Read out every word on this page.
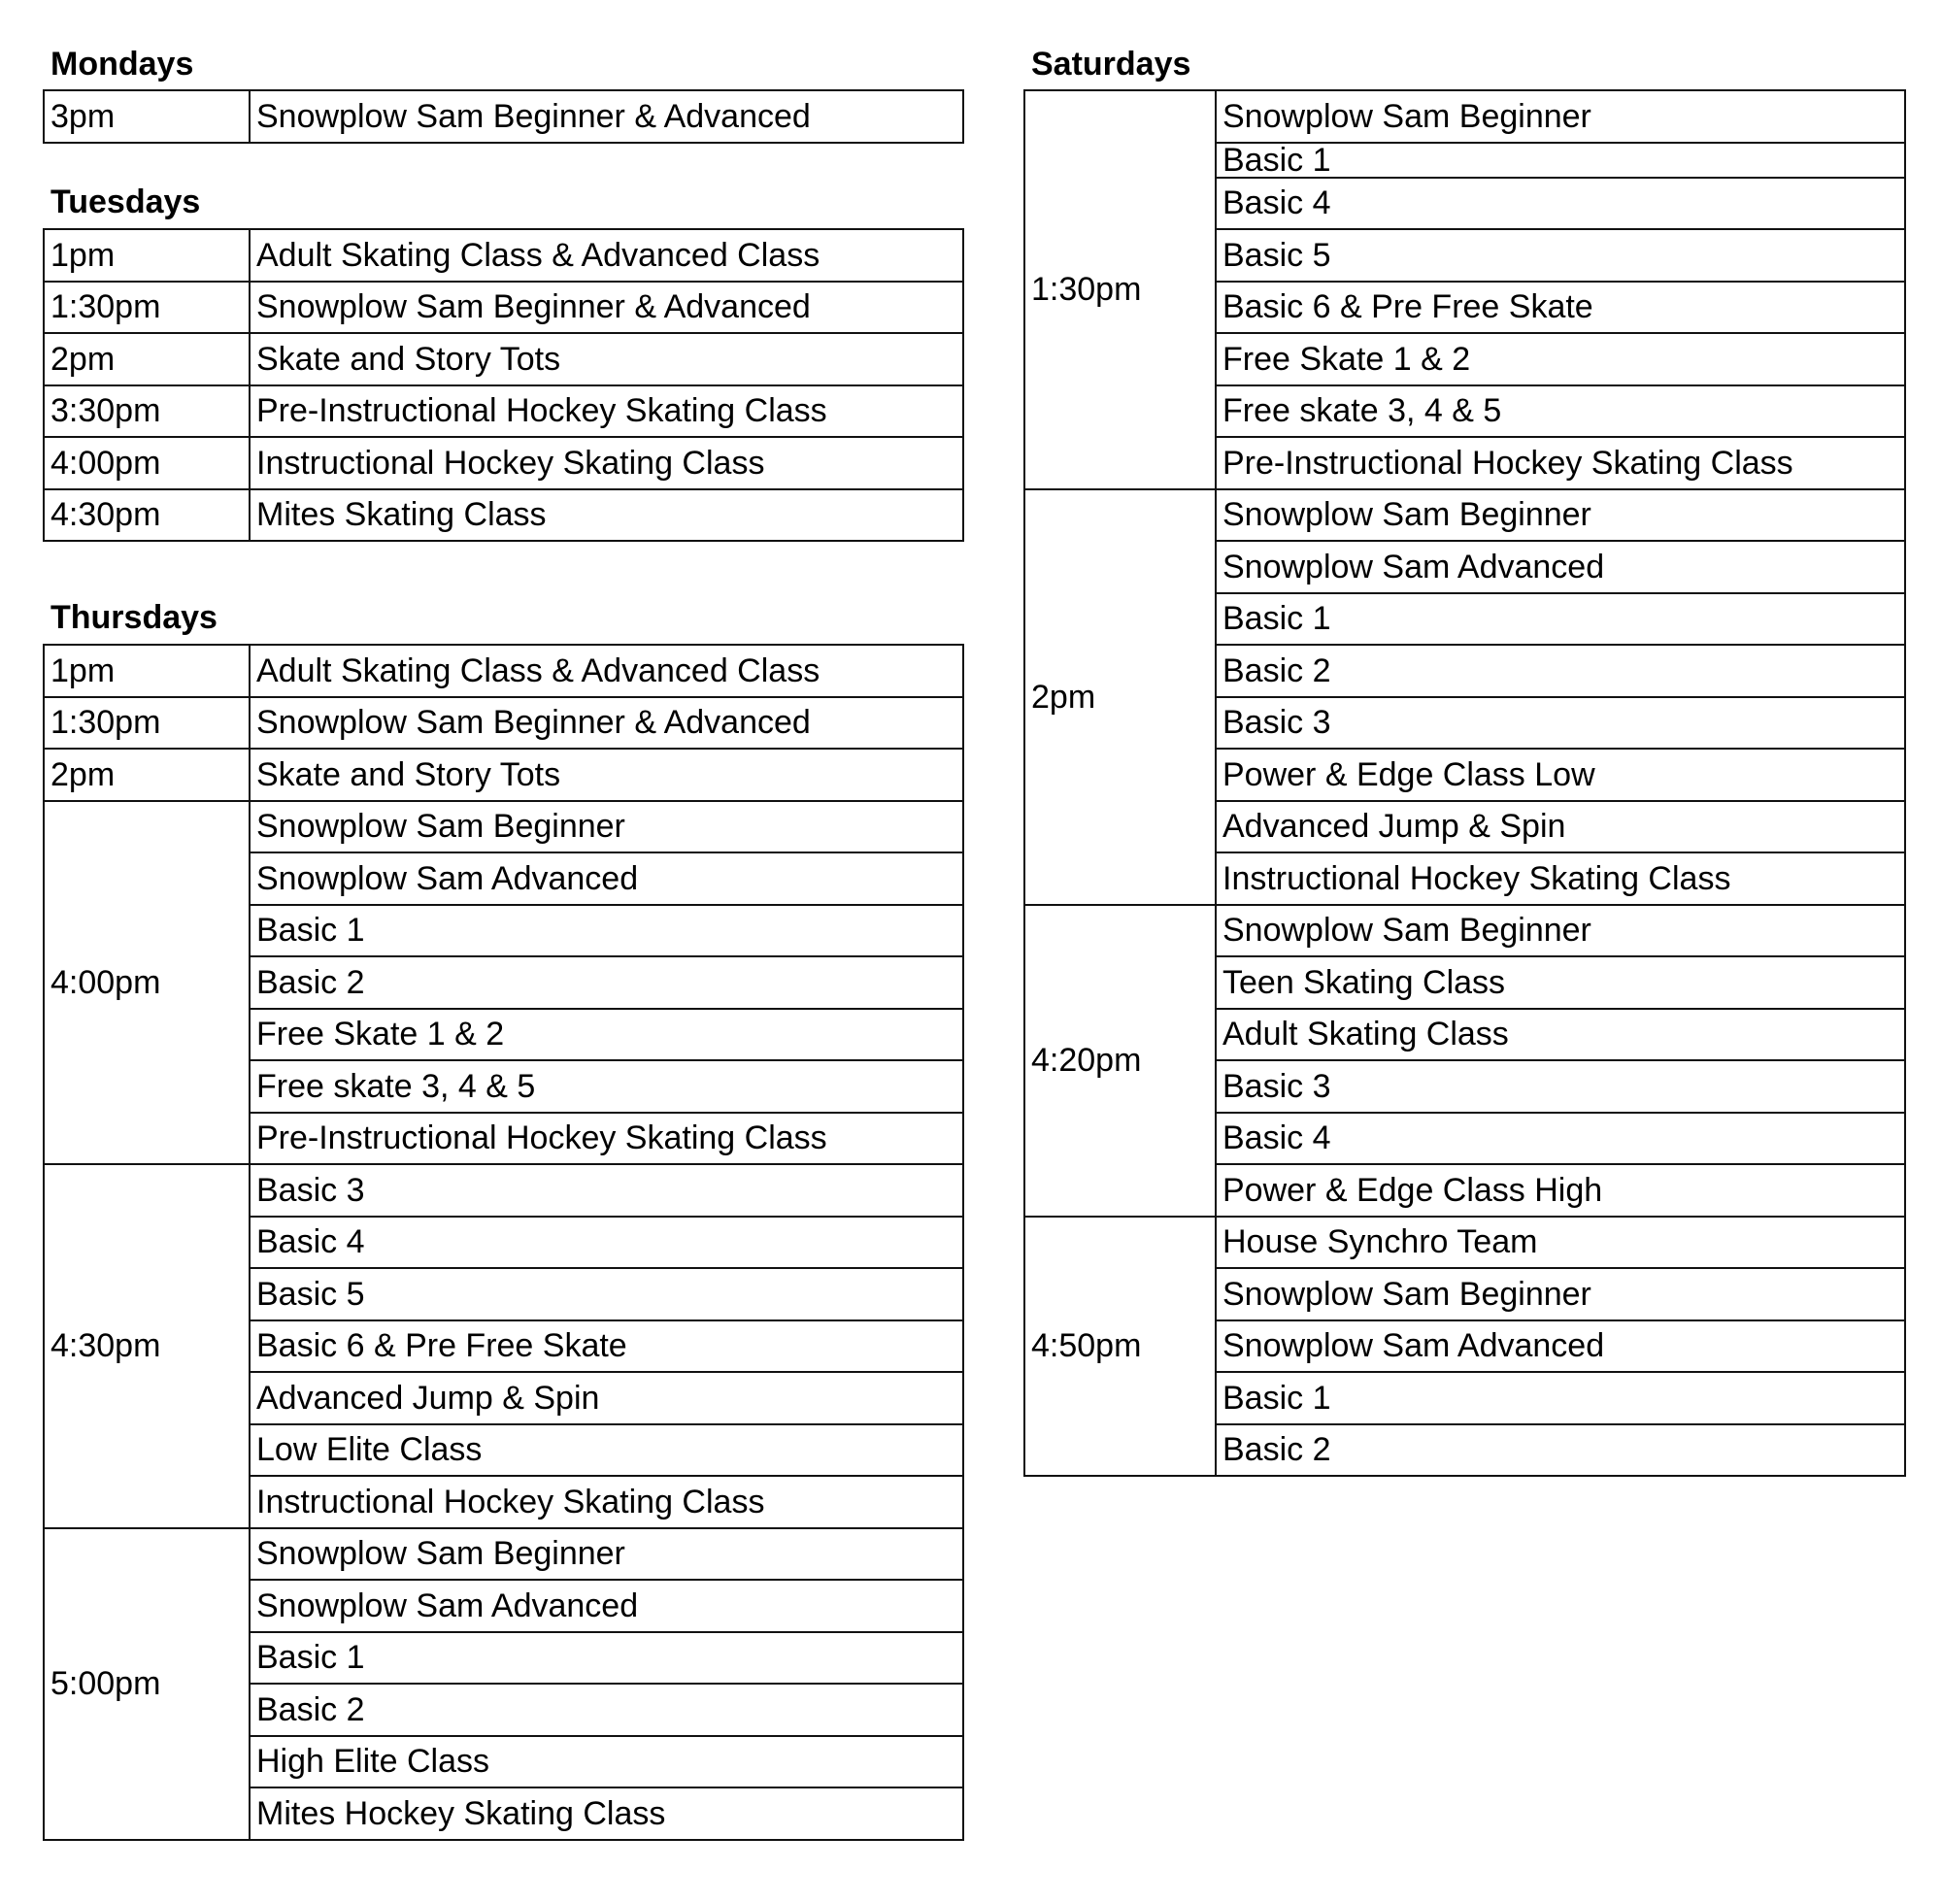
Mondays
3pm	Snowplow Sam Beginner & Advanced
Tuesdays
1pm	Adult Skating Class & Advanced Class
1:30pm	Snowplow Sam Beginner & Advanced
2pm	Skate and Story Tots
3:30pm	Pre-Instructional Hockey Skating Class
4:00pm	Instructional Hockey Skating Class
4:30pm	Mites Skating Class
Thursdays
1pm	Adult Skating Class & Advanced Class
1:30pm	Snowplow Sam Beginner & Advanced
2pm	Skate and Story Tots
4:00pm	Snowplow Sam Beginner
	Snowplow Sam Advanced
	Basic 1
	Basic 2
	Free Skate 1 & 2
	Free skate 3, 4 & 5
	Pre-Instructional Hockey Skating Class
4:30pm	Basic 3
	Basic 4
	Basic 5
	Basic 6 & Pre Free Skate
	Advanced Jump & Spin
	Low Elite Class
	Instructional Hockey Skating Class
5:00pm	Snowplow Sam Beginner
	Snowplow Sam Advanced
	Basic 1
	Basic 2
	High Elite Class
	Mites Hockey Skating Class
Saturdays
1:30pm	Snowplow Sam Beginner
	Basic 1
	Basic 4
	Basic 5
	Basic 6 & Pre Free Skate
	Free Skate 1 & 2
	Free skate 3, 4 & 5
	Pre-Instructional Hockey Skating Class
2pm	Snowplow Sam Beginner
	Snowplow Sam Advanced
	Basic 1
	Basic 2
	Basic 3
	Power & Edge Class Low
	Advanced Jump & Spin
	Instructional Hockey Skating Class
4:20pm	Snowplow Sam Beginner
	Teen Skating Class
	Adult Skating Class
	Basic 3
	Basic 4
	Power & Edge Class High
4:50pm	House Synchro Team
	Snowplow Sam Beginner
	Snowplow Sam Advanced
	Basic 1
	Basic 2
